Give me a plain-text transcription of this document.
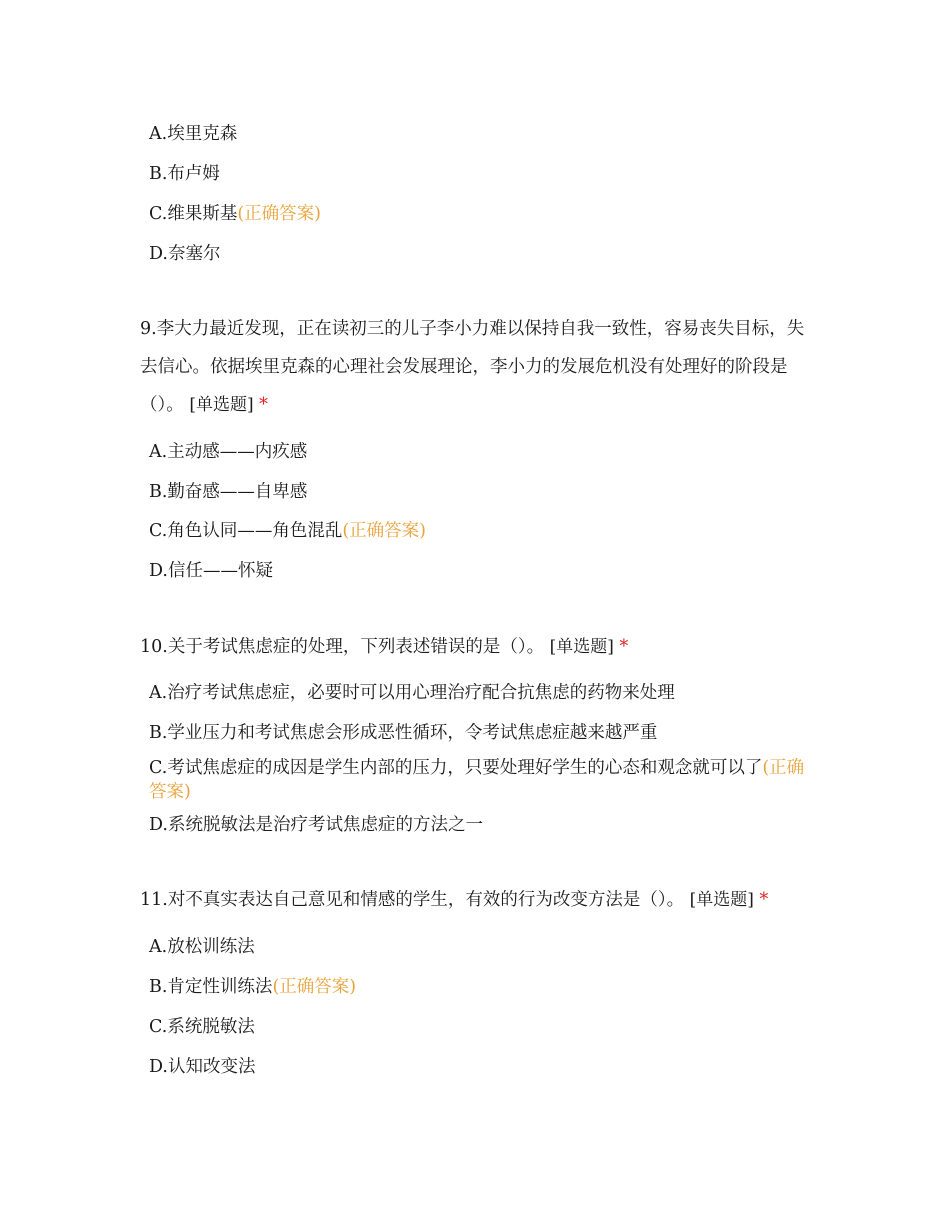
A.埃里克森
B.布卢姆
C.维果斯基(正确答案)
D.奈塞尔

9.李大力最近发现，正在读初三的儿子李小力难以保持自我一致性，容易丧失目标，失去信心。依据埃里克森的心理社会发展理论，李小力的发展危机没有处理好的阶段是（）。 [单选题] *

A.主动感——内疚感
B.勤奋感——自卑感
C.角色认同——角色混乱(正确答案)
D.信任——怀疑

10.关于考试焦虑症的处理，下列表述错误的是（）。 [单选题] *

A.治疗考试焦虑症，必要时可以用心理治疗配合抗焦虑的药物来处理
B.学业压力和考试焦虑会形成恶性循环，令考试焦虑症越来越严重
C.考试焦虑症的成因是学生内部的压力，只要处理好学生的心态和观念就可以了(正确答案)
D.系统脱敏法是治疗考试焦虑症的方法之一

11.对不真实表达自己意见和情感的学生，有效的行为改变方法是（）。 [单选题] *

A.放松训练法
B.肯定性训练法(正确答案)
C.系统脱敏法
D.认知改变法
